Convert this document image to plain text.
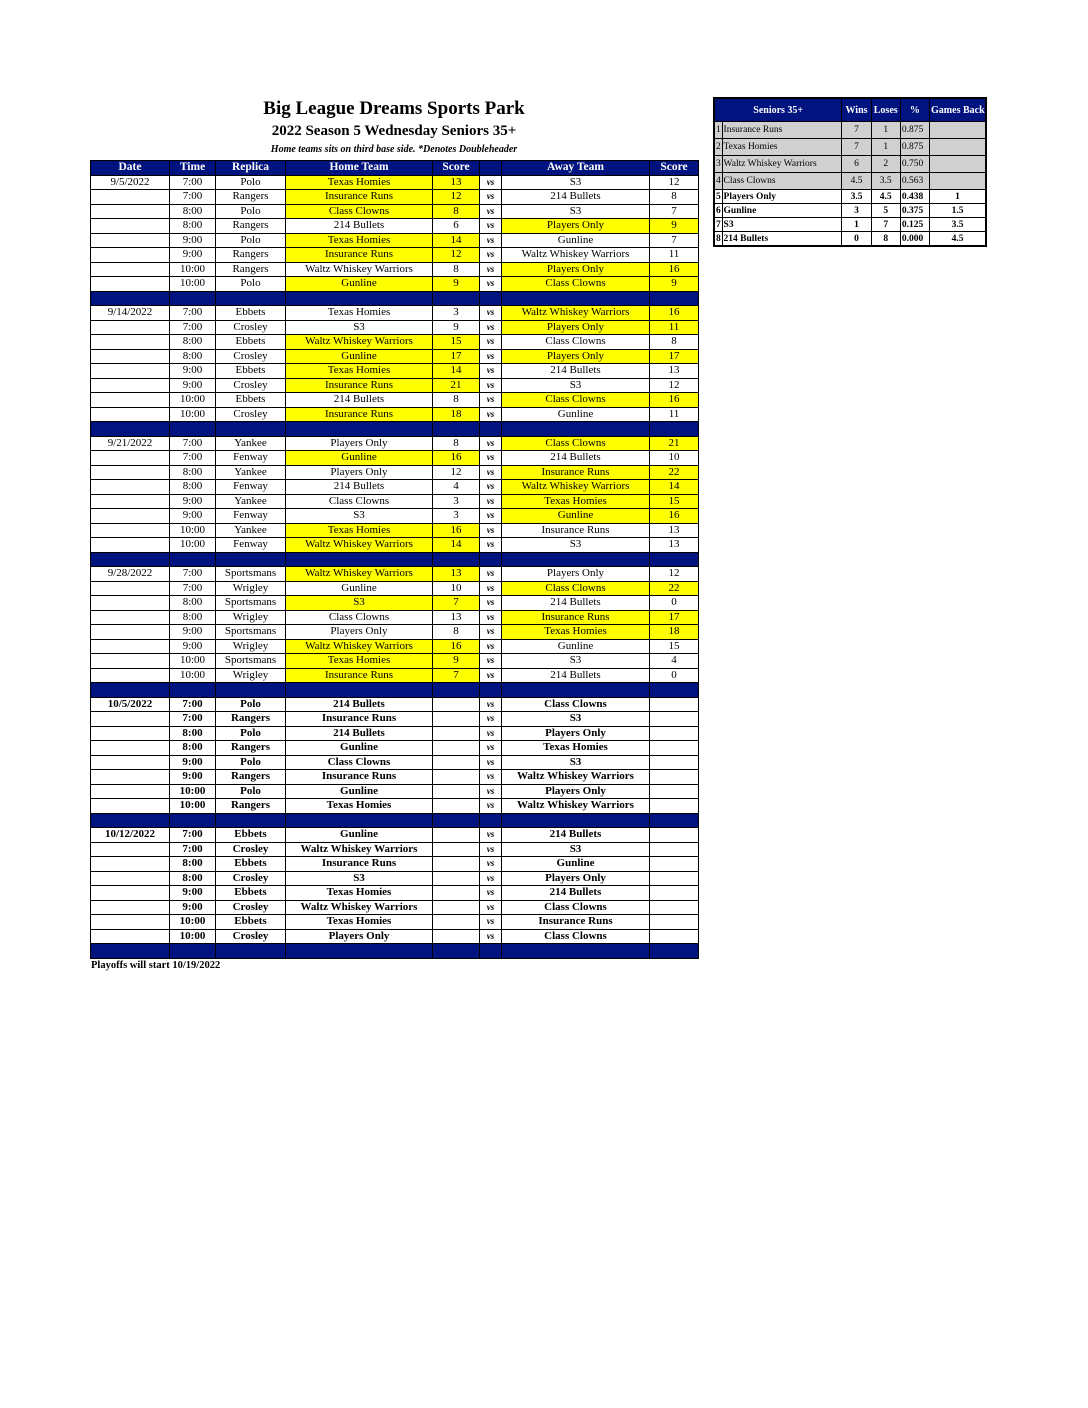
Big League Dreams Sports Park
2022 Season 5 Wednesday Seniors 35+
Home teams sits on third base side. *Denotes Doubleheader
Date	Time	Replica	Home Team	Score		Away Team	Score
9/5/2022	7:00	Polo	Texas Homies	13	vs	S3	12
	7:00	Rangers	Insurance Runs	12	vs	214 Bullets	8
	8:00	Polo	Class Clowns	8	vs	S3	7
	8:00	Rangers	214 Bullets	6	vs	Players Only	9
	9:00	Polo	Texas Homies	14	vs	Gunline	7
	9:00	Rangers	Insurance Runs	12	vs	Waltz Whiskey Warriors	11
	10:00	Rangers	Waltz Whiskey Warriors	8	vs	Players Only	16
	10:00	Polo	Gunline	9	vs	Class Clowns	9

9/14/2022	7:00	Ebbets	Texas Homies	3	vs	Waltz Whiskey Warriors	16
	7:00	Crosley	S3	9	vs	Players Only	11
	8:00	Ebbets	Waltz Whiskey Warriors	15	vs	Class Clowns	8
	8:00	Crosley	Gunline	17	vs	Players Only	17
	9:00	Ebbets	Texas Homies	14	vs	214 Bullets	13
	9:00	Crosley	Insurance Runs	21	vs	S3	12
	10:00	Ebbets	214 Bullets	8	vs	Class Clowns	16
	10:00	Crosley	Insurance Runs	18	vs	Gunline	11

9/21/2022	7:00	Yankee	Players Only	8	vs	Class Clowns	21
	7:00	Fenway	Gunline	16	vs	214 Bullets	10
	8:00	Yankee	Players Only	12	vs	Insurance Runs	22
	8:00	Fenway	214 Bullets	4	vs	Waltz Whiskey Warriors	14
	9:00	Yankee	Class Clowns	3	vs	Texas Homies	15
	9:00	Fenway	S3	3	vs	Gunline	16
	10:00	Yankee	Texas Homies	16	vs	Insurance Runs	13
	10:00	Fenway	Waltz Whiskey Warriors	14	vs	S3	13

9/28/2022	7:00	Sportsmans	Waltz Whiskey Warriors	13	vs	Players Only	12
	7:00	Wrigley	Gunline	10	vs	Class Clowns	22
	8:00	Sportsmans	S3	7	vs	214 Bullets	0
	8:00	Wrigley	Class Clowns	13	vs	Insurance Runs	17
	9:00	Sportsmans	Players Only	8	vs	Texas Homies	18
	9:00	Wrigley	Waltz Whiskey Warriors	16	vs	Gunline	15
	10:00	Sportsmans	Texas Homies	9	vs	S3	4
	10:00	Wrigley	Insurance Runs	7	vs	214 Bullets	0

10/5/2022	7:00	Polo	214 Bullets		vs	Class Clowns	
	7:00	Rangers	Insurance Runs		vs	S3	
	8:00	Polo	214 Bullets		vs	Players Only	
	8:00	Rangers	Gunline		vs	Texas Homies	
	9:00	Polo	Class Clowns		vs	S3	
	9:00	Rangers	Insurance Runs		vs	Waltz Whiskey Warriors	
	10:00	Polo	Gunline		vs	Players Only	
	10:00	Rangers	Texas Homies		vs	Waltz Whiskey Warriors	

10/12/2022	7:00	Ebbets	Gunline		vs	214 Bullets	
	7:00	Crosley	Waltz Whiskey Warriors		vs	S3	
	8:00	Ebbets	Insurance Runs		vs	Gunline	
	8:00	Crosley	S3		vs	Players Only	
	9:00	Ebbets	Texas Homies		vs	214 Bullets	
	9:00	Crosley	Waltz Whiskey Warriors		vs	Class Clowns	
	10:00	Ebbets	Texas Homies		vs	Insurance Runs	
	10:00	Crosley	Players Only		vs	Class Clowns	

Playoffs will start 10/19/2022
Seniors 35+		Wins	Loses	%	Games Back
1	Insurance Runs	7	1	0.875	
2	Texas Homies	7	1	0.875	
3	Waltz Whiskey Warriors	6	2	0.750	
4	Class Clowns	4.5	3.5	0.563	
5	Players Only	3.5	4.5	0.438	1
6	Gunline	3	5	0.375	1.5
7	S3	1	7	0.125	3.5
8	214 Bullets	0	8	0.000	4.5
